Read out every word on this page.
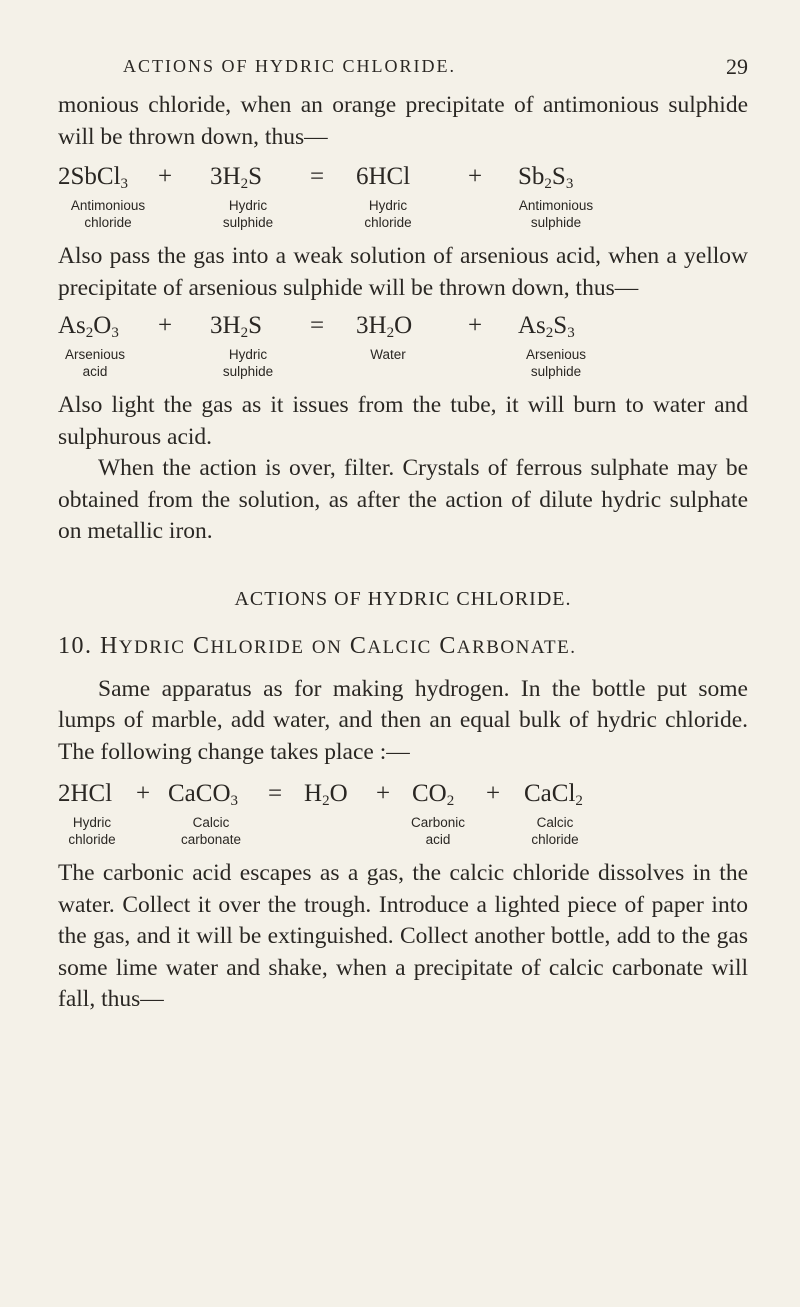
ACTIONS OF HYDRIC CHLORIDE.	29

monious chloride, when an orange precipitate of antimonious sulphide will be thrown down, thus—

2SbCl$_3$ + $3H_2S = 6HCl + Sb_2S_3$
Antimonious
chloride
Hydric
sulphide
Hydric
chloride
Antimonious
sulphide

Also pass the gas into a weak solution of arsenious acid, when a yellow precipitate of arsenious sulphide will be thrown down, thus—

$As_2O_3 + 3H_2S = 3H_2O + As_2S_3$
Arsenious
acid
Hydric
sulphide
Water	Arsenious
sulphide

Also light the gas as it issues from the tube, it will burn to water and sulphurous acid.

When the action is over, filter. Crystals of ferrous sulphate may be obtained from the solution, as after the action of dilute hydric sulphate on metallic iron.

ACTIONS OF HYDRIC CHLORIDE.
10. HYDRIC CHLORIDE ON CALCIC CARBONATE.

Same apparatus as for making hydrogen. In the bottle put some lumps of marble, add water, and then an equal bulk of hydric chloride. The following change takes place :—

2HCl + CaCO$_3$ = $H_2O + CO_2$ + CaCl$_2$
Hydric
chloride
Calcic
carbonate
Carbonic
acid
Calcic
chloride

The carbonic acid escapes as a gas, the calcic chloride dissolves in the water. Collect it over the trough. Introduce a lighted piece of paper into the gas, and it will be extinguished. Collect another bottle, add to the gas some lime water and shake, when a precipitate of calcic carbonate will fall, thus—
